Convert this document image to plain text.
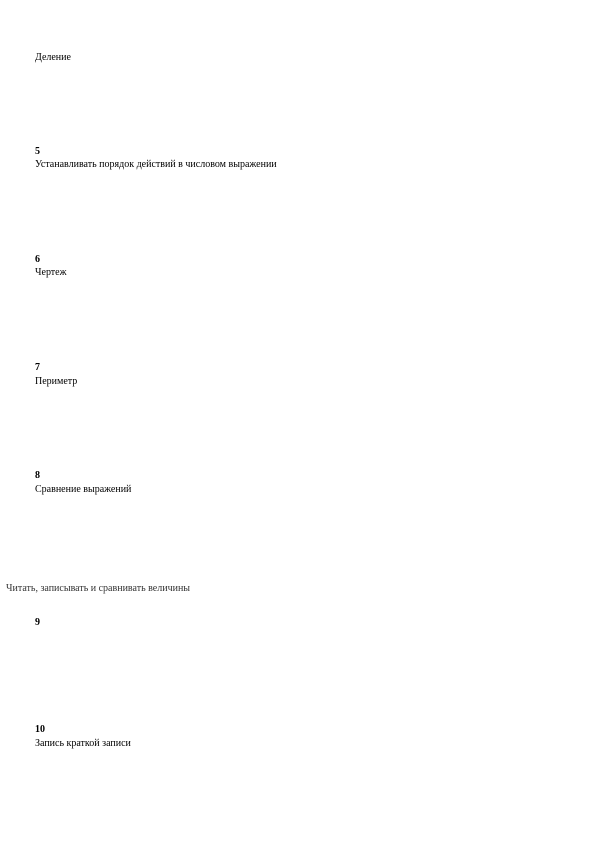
Деление
5
Устанавливать порядок действий в числовом выражении
6
Чертеж
7
Периметр
8
Сравнение выражений
Читать, записывать и сравнивать величины
9
10
Запись краткой записи
